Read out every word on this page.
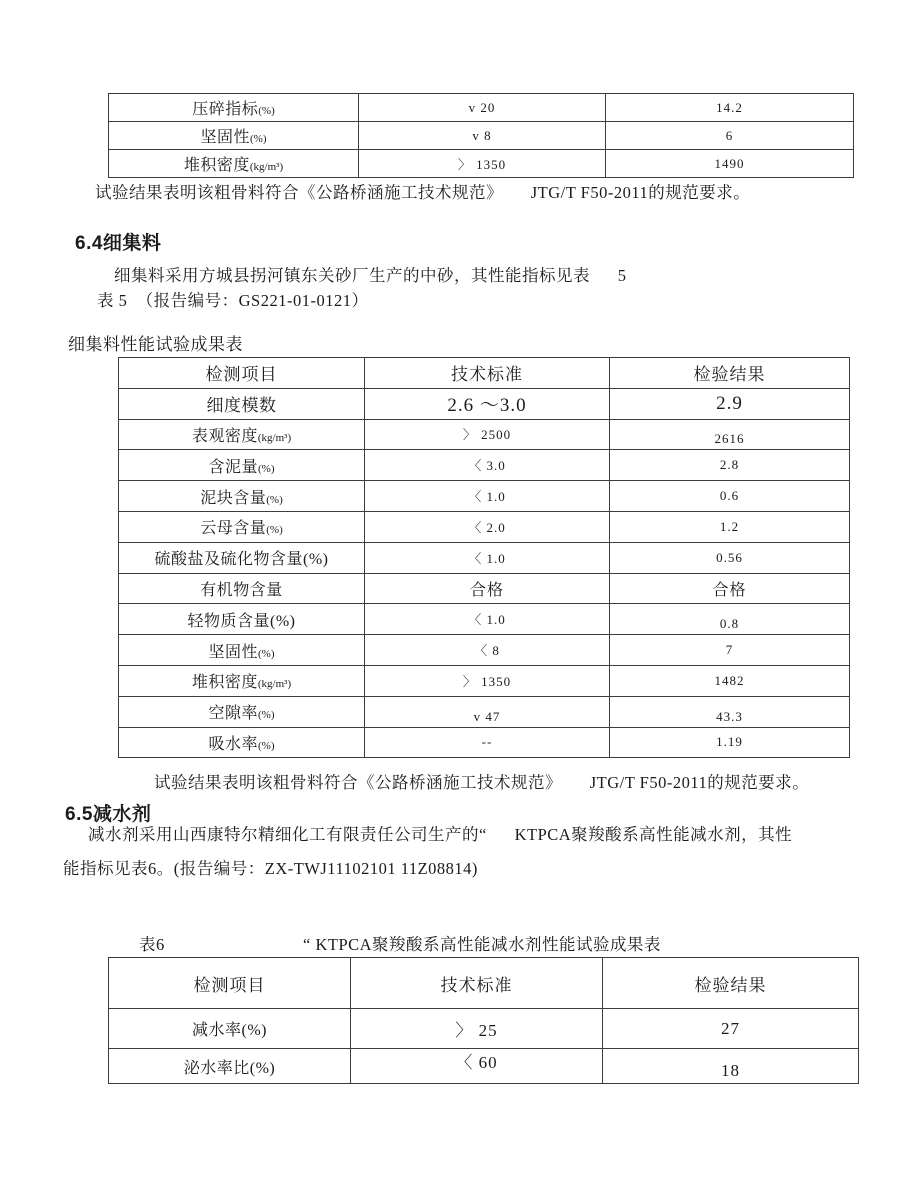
压碎指标(%)	v 20	14.2
坚固性(%)	v 8	6
堆积密度(kg/m³)	〉 1350	1490
试验结果表明该粗骨料符合《公路桥涵施工技术规范》      JTG/T F50-2011的规范要求。
6.4细集料
细集料采用方城县拐河镇东关砂厂生产的中砂，其性能指标见表      5
表 5  （报告编号：GS221-01-0121）
细集料性能试验成果表
检测项目	技术标准	检验结果
细度模数	2.6 ～3.0	2.9
表观密度(kg/m³)	〉 2500	2616
含泥量(%)	〈 3.0	2.8
泥块含量(%)	〈 1.0	0.6
云母含量(%)	〈 2.0	1.2
硫酸盐及硫化物含量(%)	〈 1.0	0.56
有机物含量	合格	合格
轻物质含量(%)	〈 1.0	0.8
坚固性(%)	〈 8	7
堆积密度(kg/m³)	〉 1350	1482
空隙率(%)	v 47	43.3
吸水率(%)	--	1.19
试验结果表明该粗骨料符合《公路桥涵施工技术规范》      JTG/T F50-2011的规范要求。
6.5减水剂
减水剂采用山西康特尔精细化工有限责任公司生产的“      KTPCA聚羧酸系高性能减水剂，其性
能指标见表6。(报告编号：ZX-TWJ11102101 11Z08814)
表6	“ KTPCA聚羧酸系高性能减水剂性能试验成果表
检测项目	技术标准	检验结果
减水率(%)	〉 25	27
泌水率比(%)	〈 60	18
